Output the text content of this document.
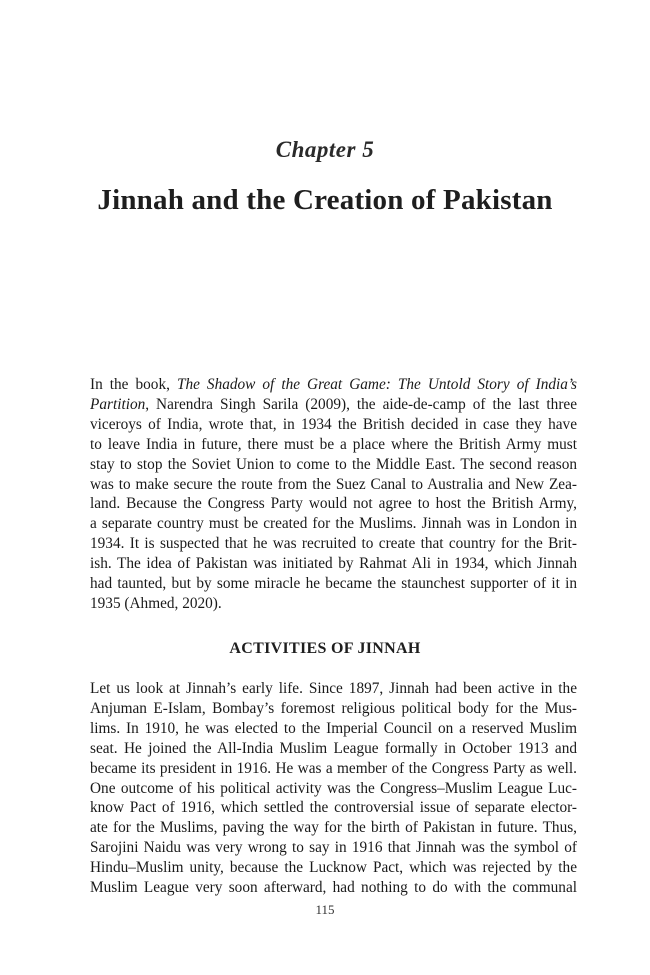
Chapter 5
Jinnah and the Creation of Pakistan
In the book, The Shadow of the Great Game: The Untold Story of India’s
Partition, Narendra Singh Sarila (2009), the aide-de-camp of the last three
viceroys of India, wrote that, in 1934 the British decided in case they have
to leave India in future, there must be a place where the British Army must
stay to stop the Soviet Union to come to the Middle East. The second reason
was to make secure the route from the Suez Canal to Australia and New Zea-
land. Because the Congress Party would not agree to host the British Army,
a separate country must be created for the Muslims. Jinnah was in London in
1934. It is suspected that he was recruited to create that country for the Brit-
ish. The idea of Pakistan was initiated by Rahmat Ali in 1934, which Jinnah
had taunted, but by some miracle he became the staunchest supporter of it in
1935 (Ahmed, 2020).
ACTIVITIES OF JINNAH
Let us look at Jinnah’s early life. Since 1897, Jinnah had been active in the
Anjuman E-Islam, Bombay’s foremost religious political body for the Mus-
lims. In 1910, he was elected to the Imperial Council on a reserved Muslim
seat. He joined the All-India Muslim League formally in October 1913 and
became its president in 1916. He was a member of the Congress Party as well.
One outcome of his political activity was the Congress–Muslim League Luc-
know Pact of 1916, which settled the controversial issue of separate elector-
ate for the Muslims, paving the way for the birth of Pakistan in future. Thus,
Sarojini Naidu was very wrong to say in 1916 that Jinnah was the symbol of
Hindu–Muslim unity, because the Lucknow Pact, which was rejected by the
Muslim League very soon afterward, had nothing to do with the communal
115
